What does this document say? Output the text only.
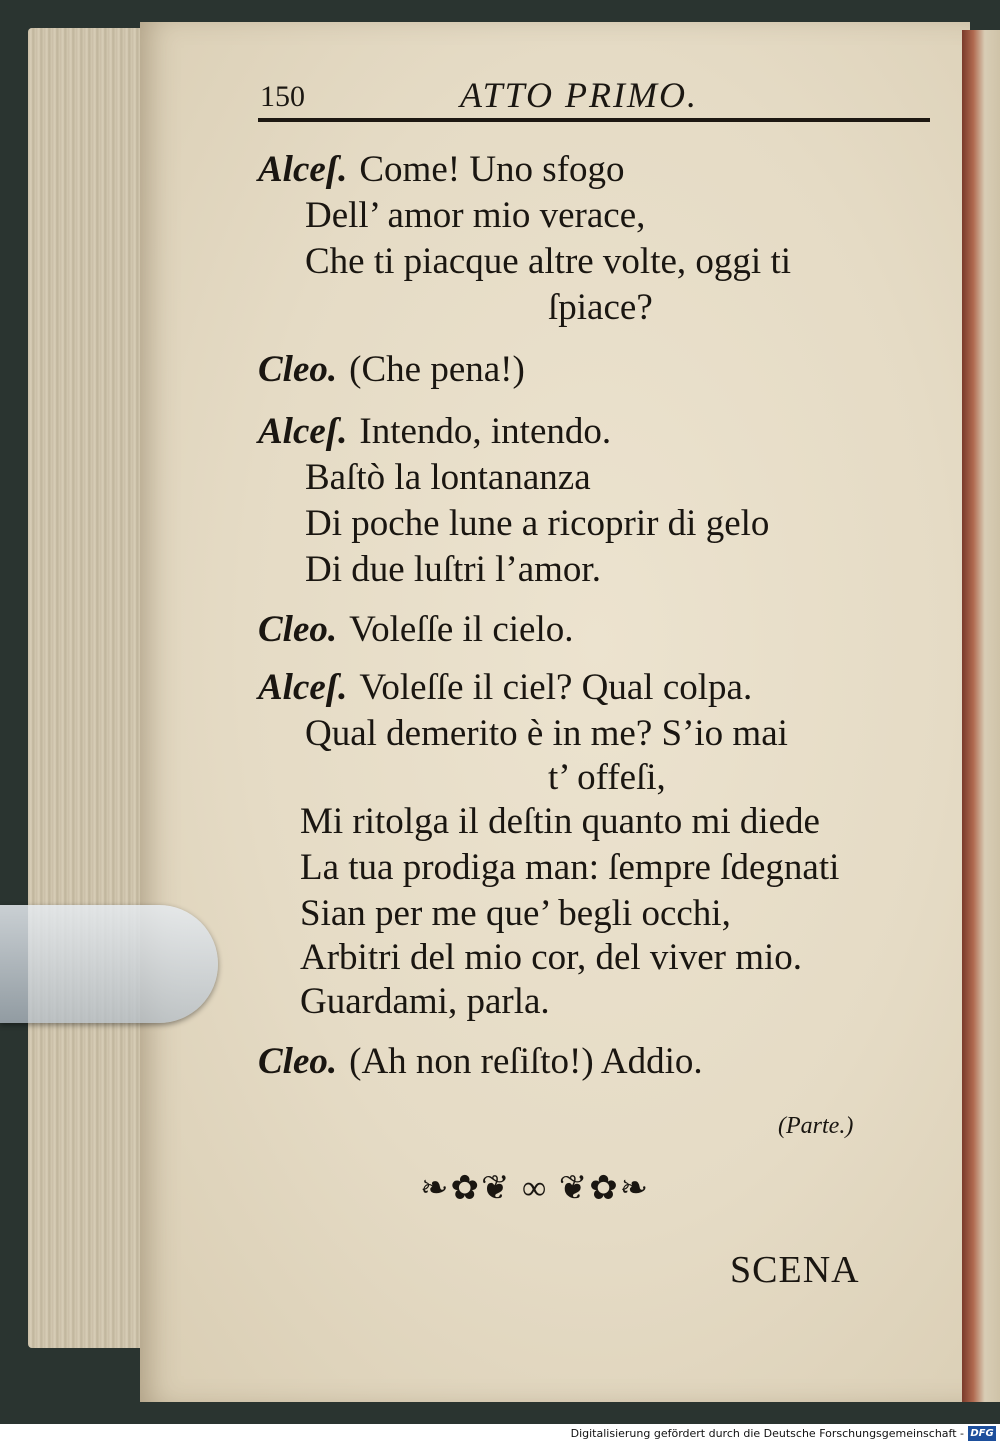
150	ATTO PRIMO.
Alceſ. Come! Uno sfogo
Dell’ amor mio verace,
Che ti piacque altre volte, oggi ti
ſpiace?
Cleo. (Che pena!)
Alceſ. Intendo, intendo.
Baſtò la lontananza
Di poche lune a ricoprir di gelo
Di due luſtri l’amor.
Cleo. Voleſſe il cielo.
Alceſ. Voleſſe il ciel? Qual colpa.
Qual demerito è in me? S’io mai
t’ offeſi,
Mi ritolga il deſtin quanto mi diede
La tua prodiga man: ſempre ſdegnati
Sian per me que’ begli occhi,
Arbitri del mio cor, del viver mio.
Guardami, parla.
Cleo. (Ah non reſiſto!) Addio.
(Parte.)
❧✿❦ ∞ ❦✿❧
SCENA
Digitalisierung gefördert durch die Deutsche Forschungsgemeinschaft - DFG
